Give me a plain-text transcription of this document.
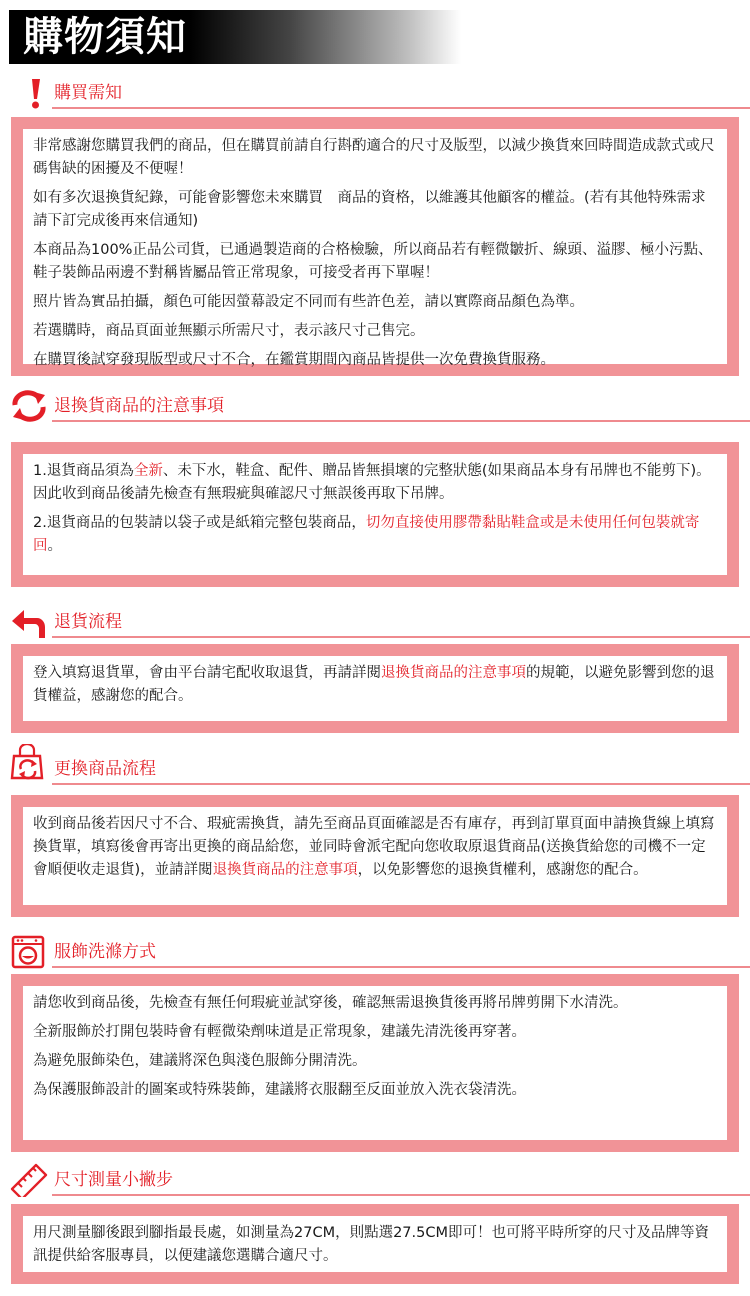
購物須知
購買需知

非常感謝您購買我們的商品，但在購買前請自行斟酌適合的尺寸及版型，以減少換貨來回時間造成款式或尺碼售缺的困擾及不便喔！

如有多次退換貨紀錄，可能會影響您未來購買　商品的資格，以維護其他顧客的權益。(若有其他特殊需求請下訂完成後再來信通知)

本商品為100%正品公司貨，已通過製造商的合格檢驗，所以商品若有輕微皺折、線頭、溢膠、極小污點、鞋子裝飾品兩邊不對稱皆屬品管正常現象，可接受者再下單喔！

照片皆為實品拍攝，顏色可能因螢幕設定不同而有些許色差，請以實際商品顏色為準。

若選購時，商品頁面並無顯示所需尺寸，表示該尺寸己售完。

在購買後試穿發現版型或尺寸不合，在鑑賞期間內商品皆提供一次免費換貨服務。

退換貨商品的注意事項

1.退貨商品須為全新、未下水，鞋盒、配件、贈品皆無損壞的完整狀態(如果商品本身有吊牌也不能剪下)。因此收到商品後請先檢查有無瑕疵與確認尺寸無誤後再取下吊牌。

2.退貨商品的包裝請以袋子或是紙箱完整包裝商品，切勿直接使用膠帶黏貼鞋盒或是未使用任何包裝就寄回。

退貨流程

登入填寫退貨單，會由平台請宅配收取退貨，再請詳閱退換貨商品的注意事項的規範，以避免影響到您的退貨權益，感謝您的配合。

更換商品流程

收到商品後若因尺寸不合、瑕疵需換貨，請先至商品頁面確認是否有庫存，再到訂單頁面申請換貨線上填寫換貨單，填寫後會再寄出更換的商品給您，並同時會派宅配向您收取原退貨商品(送換貨給您的司機不一定會順便收走退貨)，並請詳閱退換貨商品的注意事項，以免影響您的退換貨權利，感謝您的配合。

服飾洗滌方式

請您收到商品後，先檢查有無任何瑕疵並試穿後，確認無需退換貨後再將吊牌剪開下水清洗。

全新服飾於打開包裝時會有輕微染劑味道是正常現象，建議先清洗後再穿著。

為避免服飾染色，建議將深色與淺色服飾分開清洗。

為保護服飾設計的圖案或特殊裝飾，建議將衣服翻至反面並放入洗衣袋清洗。

尺寸測量小撇步

用尺測量腳後跟到腳指最長處，如測量為27CM，則點選27.5CM即可！也可將平時所穿的尺寸及品牌等資訊提供給客服專員，以便建議您選購合適尺寸。
